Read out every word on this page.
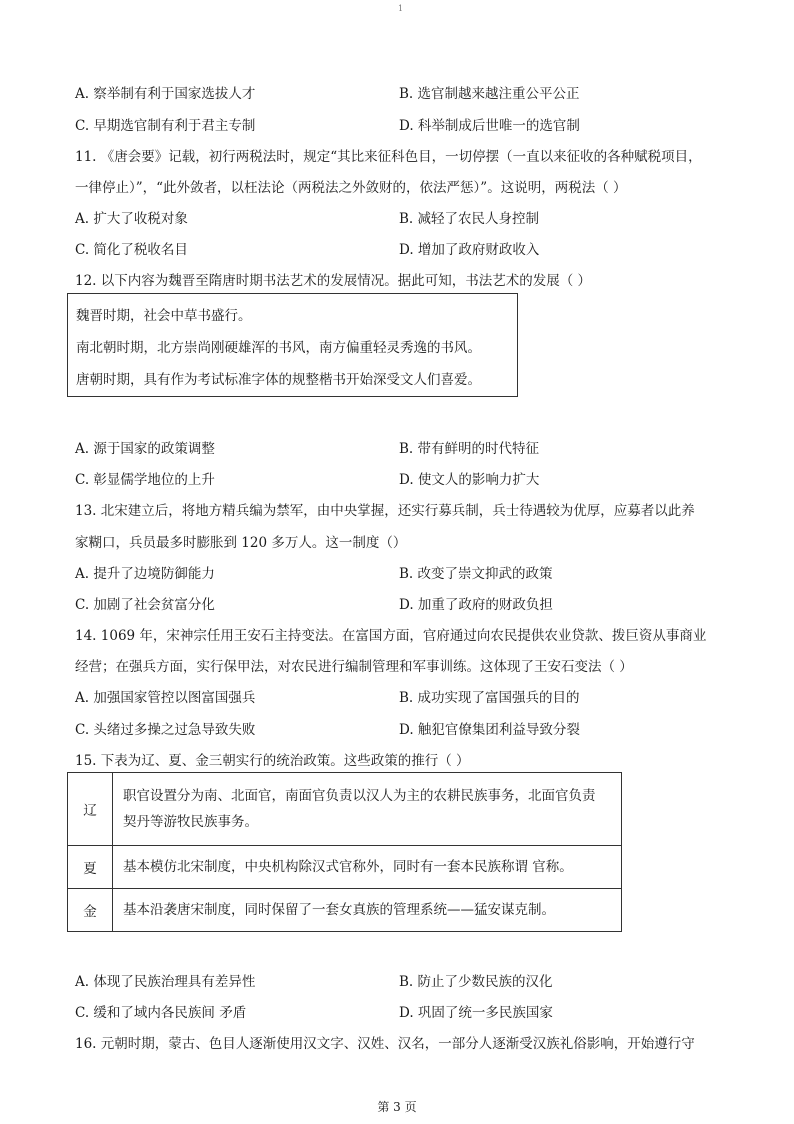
1
A. 察举制有利于国家选拔人才	B. 选官制越来越注重公平公正
C. 早期选官制有利于君主专制	D. 科举制成后世唯一的选官制
11. 《唐会要》记载，初行两税法时，规定“其比来征科色目，一切停摆（一直以来征收的各种赋税项目，
一律停止）”，“此外敛者，以枉法论（两税法之外敛财的，依法严惩）”。这说明，两税法（ ）
A. 扩大了收税对象	B. 减轻了农民人身控制
C. 简化了税收名目	D. 增加了政府财政收入
12. 以下内容为魏晋至隋唐时期书法艺术的发展情况。据此可知，书法艺术的发展（ ）
魏晋时期，社会中草书盛行。
南北朝时期，北方崇尚刚硬雄浑的书风，南方偏重轻灵秀逸的书风。
唐朝时期，具有作为考试标准字体的规整楷书开始深受文人们喜爱。
A. 源于国家的政策调整	B. 带有鲜明的时代特征
C. 彰显儒学地位的上升	D. 使文人的影响力扩大
13. 北宋建立后，将地方精兵编为禁军，由中央掌握，还实行募兵制，兵士待遇较为优厚，应募者以此养
家糊口，兵员最多时膨胀到 120 多万人。这一制度（）
A. 提升了边境防御能力	B. 改变了崇文抑武的政策
C. 加剧了社会贫富分化	D. 加重了政府的财政负担
14. 1069 年，宋神宗任用王安石主持变法。在富国方面，官府通过向农民提供农业贷款、拨巨资从事商业
经营；在强兵方面，实行保甲法，对农民进行编制管理和军事训练。这体现了王安石变法（ ）
A. 加强国家管控以图富国强兵	B. 成功实现了富国强兵的目的
C. 头绪过多操之过急导致失败	D. 触犯官僚集团利益导致分裂
15. 下表为辽、夏、金三朝实行的统治政策。这些政策的推行（ ）
辽	职官设置分为南、北面官，南面官负责以汉人为主的农耕民族事务，北面官负责
契丹等游牧民族事务。

夏	基本模仿北宋制度，中央机构除汉式官称外，同时有一套本民族称谓 官称。

金	基本沿袭唐宋制度，同时保留了一套女真族的管理系统——猛安谋克制。
A. 体现了民族治理具有差异性	B. 防止了少数民族的汉化
C. 缓和了域内各民族间 矛盾	D. 巩固了统一多民族国家
16. 元朝时期，蒙古、色目人逐渐使用汉文字、汉姓、汉名，一部分人逐渐受汉族礼俗影响，开始遵行守
第 3 页
